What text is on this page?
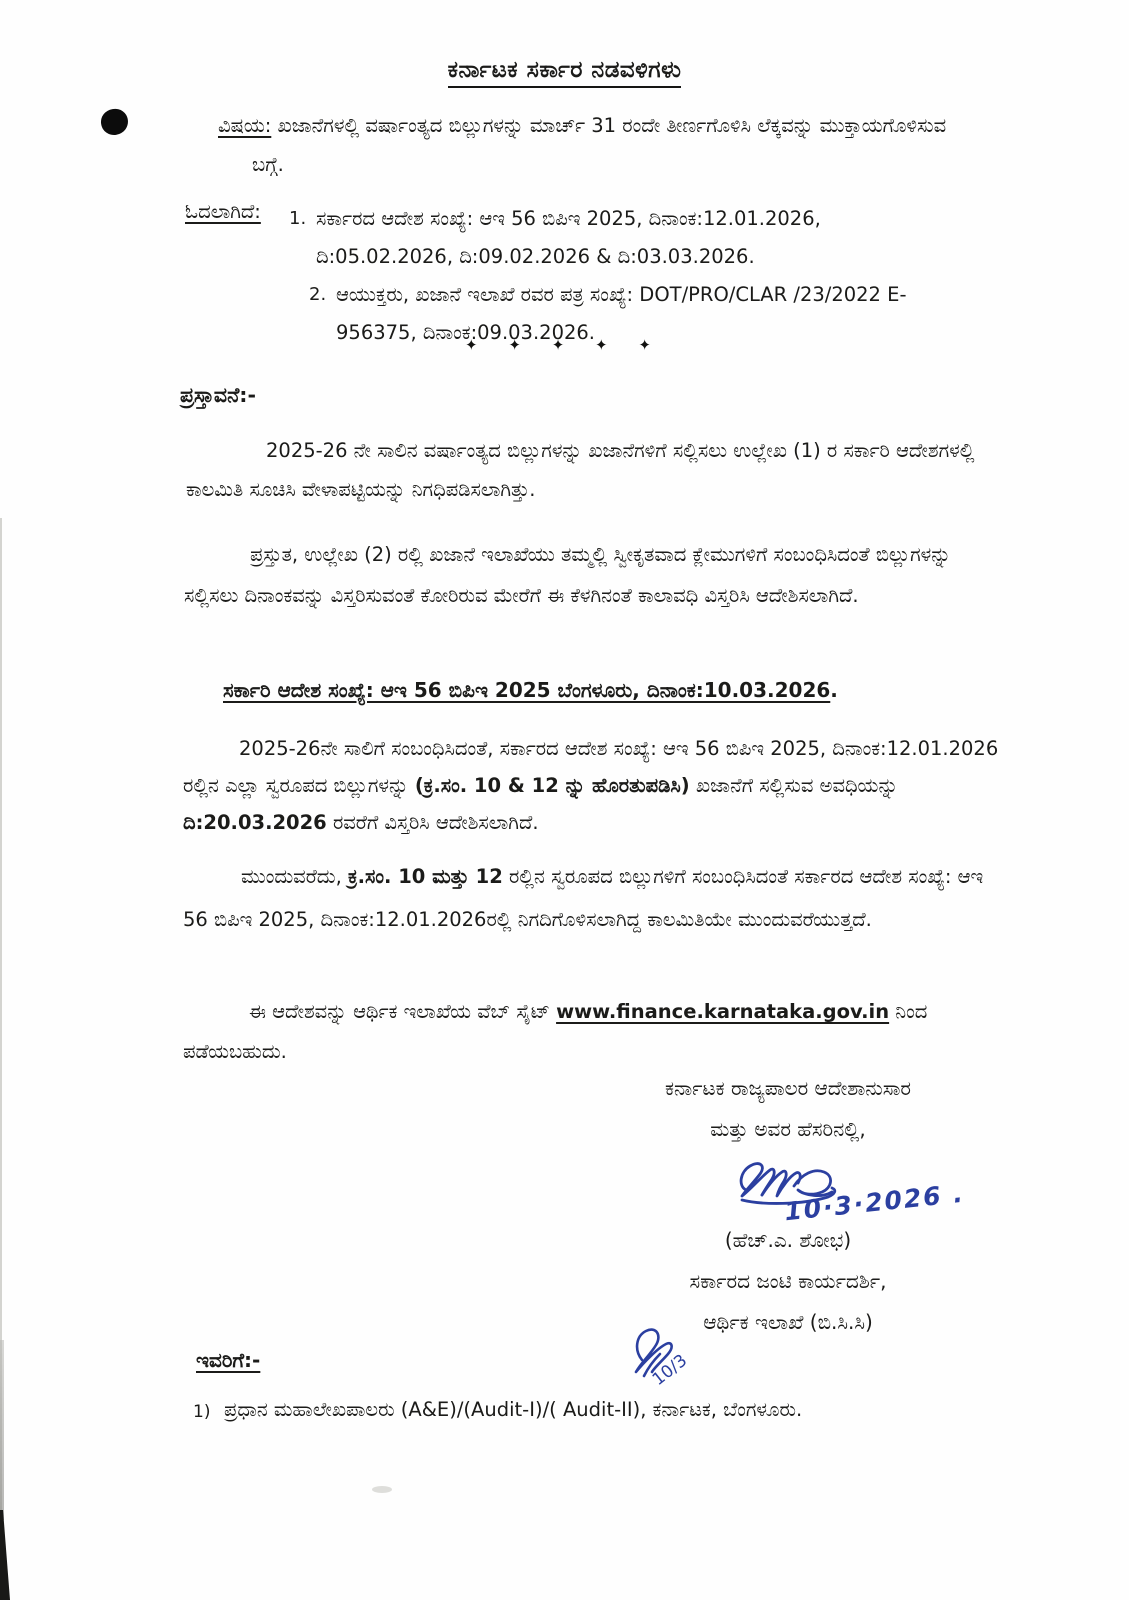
ಕರ್ನಾಟಕ ಸರ್ಕಾರ ನಡವಳಿಗಳು
ವಿಷಯ: ಖಜಾನೆಗಳಲ್ಲಿ ವರ್ಷಾಂತ್ಯದ ಬಿಲ್ಲುಗಳನ್ನು ಮಾರ್ಚ್ 31 ರಂದೇ ತೀರ್ಣಗೊಳಿಸಿ ಲೆಕ್ಕವನ್ನು ಮುಕ್ತಾಯಗೊಳಿಸುವ ಬಗ್ಗೆ.
ಓದಲಾಗಿದೆ: 1. ಸರ್ಕಾರದ ಆದೇಶ ಸಂಖ್ಯೆ: ಆಇ 56 ಬಿಪಿಇ 2025, ದಿನಾಂಕ:12.01.2026, ದಿ:05.02.2026, ದಿ:09.02.2026 & ದಿ:03.03.2026.
2. ಆಯುಕ್ತರು, ಖಜಾನೆ ಇಲಾಖೆ ರವರ ಪತ್ರ ಸಂಖ್ಯೆ: DOT/PRO/CLAR /23/2022 E-956375, ದಿನಾಂಕ:09.03.2026.
✦ ✦ ✦ ✦ ✦
ಪ್ರಸ್ತಾವನೆ:-

2025-26 ನೇ ಸಾಲಿನ ವರ್ಷಾಂತ್ಯದ ಬಿಲ್ಲುಗಳನ್ನು ಖಜಾನೆಗಳಿಗೆ ಸಲ್ಲಿಸಲು ಉಲ್ಲೇಖ (1) ರ ಸರ್ಕಾರಿ ಆದೇಶಗಳಲ್ಲಿ ಕಾಲಮಿತಿ ಸೂಚಿಸಿ ವೇಳಾಪಟ್ಟಿಯನ್ನು ನಿಗಧಿಪಡಿಸಲಾಗಿತ್ತು.

ಪ್ರಸ್ತುತ, ಉಲ್ಲೇಖ (2) ರಲ್ಲಿ ಖಜಾನೆ ಇಲಾಖೆಯು ತಮ್ಮಲ್ಲಿ ಸ್ವೀಕೃತವಾದ ಕ್ಲೇಮುಗಳಿಗೆ ಸಂಬಂಧಿಸಿದಂತೆ ಬಿಲ್ಲುಗಳನ್ನು ಸಲ್ಲಿಸಲು ದಿನಾಂಕವನ್ನು ವಿಸ್ತರಿಸುವಂತೆ ಕೋರಿರುವ ಮೇರೆಗೆ ಈ ಕೆಳಗಿನಂತೆ ಕಾಲಾವಧಿ ವಿಸ್ತರಿಸಿ ಆದೇಶಿಸಲಾಗಿದೆ.

ಸರ್ಕಾರಿ ಆದೇಶ ಸಂಖ್ಯೆ: ಆಇ 56 ಬಿಪಿಇ 2025 ಬೆಂಗಳೂರು, ದಿನಾಂಕ:10.03.2026.

2025-26ನೇ ಸಾಲಿಗೆ ಸಂಬಂಧಿಸಿದಂತೆ, ಸರ್ಕಾರದ ಆದೇಶ ಸಂಖ್ಯೆ: ಆಇ 56 ಬಿಪಿಇ 2025, ದಿನಾಂಕ:12.01.2026 ರಲ್ಲಿನ ಎಲ್ಲಾ ಸ್ವರೂಪದ ಬಿಲ್ಲುಗಳನ್ನು (ಕ್ರ.ಸಂ. 10 & 12 ನ್ನು ಹೊರತುಪಡಿಸಿ) ಖಜಾನೆಗೆ ಸಲ್ಲಿಸುವ ಅವಧಿಯನ್ನು ದಿ:20.03.2026 ರವರೆಗೆ ವಿಸ್ತರಿಸಿ ಆದೇಶಿಸಲಾಗಿದೆ.

ಮುಂದುವರೆದು, ಕ್ರ.ಸಂ. 10 ಮತ್ತು 12 ರಲ್ಲಿನ ಸ್ವರೂಪದ ಬಿಲ್ಲುಗಳಿಗೆ ಸಂಬಂಧಿಸಿದಂತೆ ಸರ್ಕಾರದ ಆದೇಶ ಸಂಖ್ಯೆ: ಆಇ 56 ಬಿಪಿಇ 2025, ದಿನಾಂಕ:12.01.2026ರಲ್ಲಿ ನಿಗದಿಗೊಳಿಸಲಾಗಿದ್ದ ಕಾಲಮಿತಿಯೇ ಮುಂದುವರೆಯುತ್ತದೆ.

ಈ ಆದೇಶವನ್ನು ಆರ್ಥಿಕ ಇಲಾಖೆಯ ವೆಬ್ ಸೈಟ್ www.finance.karnataka.gov.in ನಿಂದ ಪಡೆಯಬಹುದು.

ಕರ್ನಾಟಕ ರಾಜ್ಯಪಾಲರ ಆದೇಶಾನುಸಾರ
ಮತ್ತು ಅವರ ಹೆಸರಿನಲ್ಲಿ,
10·3·2026 .
(ಹೆಚ್.ಎ. ಶೋಭ)
ಸರ್ಕಾರದ ಜಂಟಿ ಕಾರ್ಯದರ್ಶಿ,
ಆರ್ಥಿಕ ಇಲಾಖೆ (ಬಿ.ಸಿ.ಸಿ)
ಇವರಿಗೆ:-	10/3
1) ಪ್ರಧಾನ ಮಹಾಲೇಖಪಾಲರು (A&E)/(Audit-I)/( Audit-II), ಕರ್ನಾಟಕ, ಬೆಂಗಳೂರು.
